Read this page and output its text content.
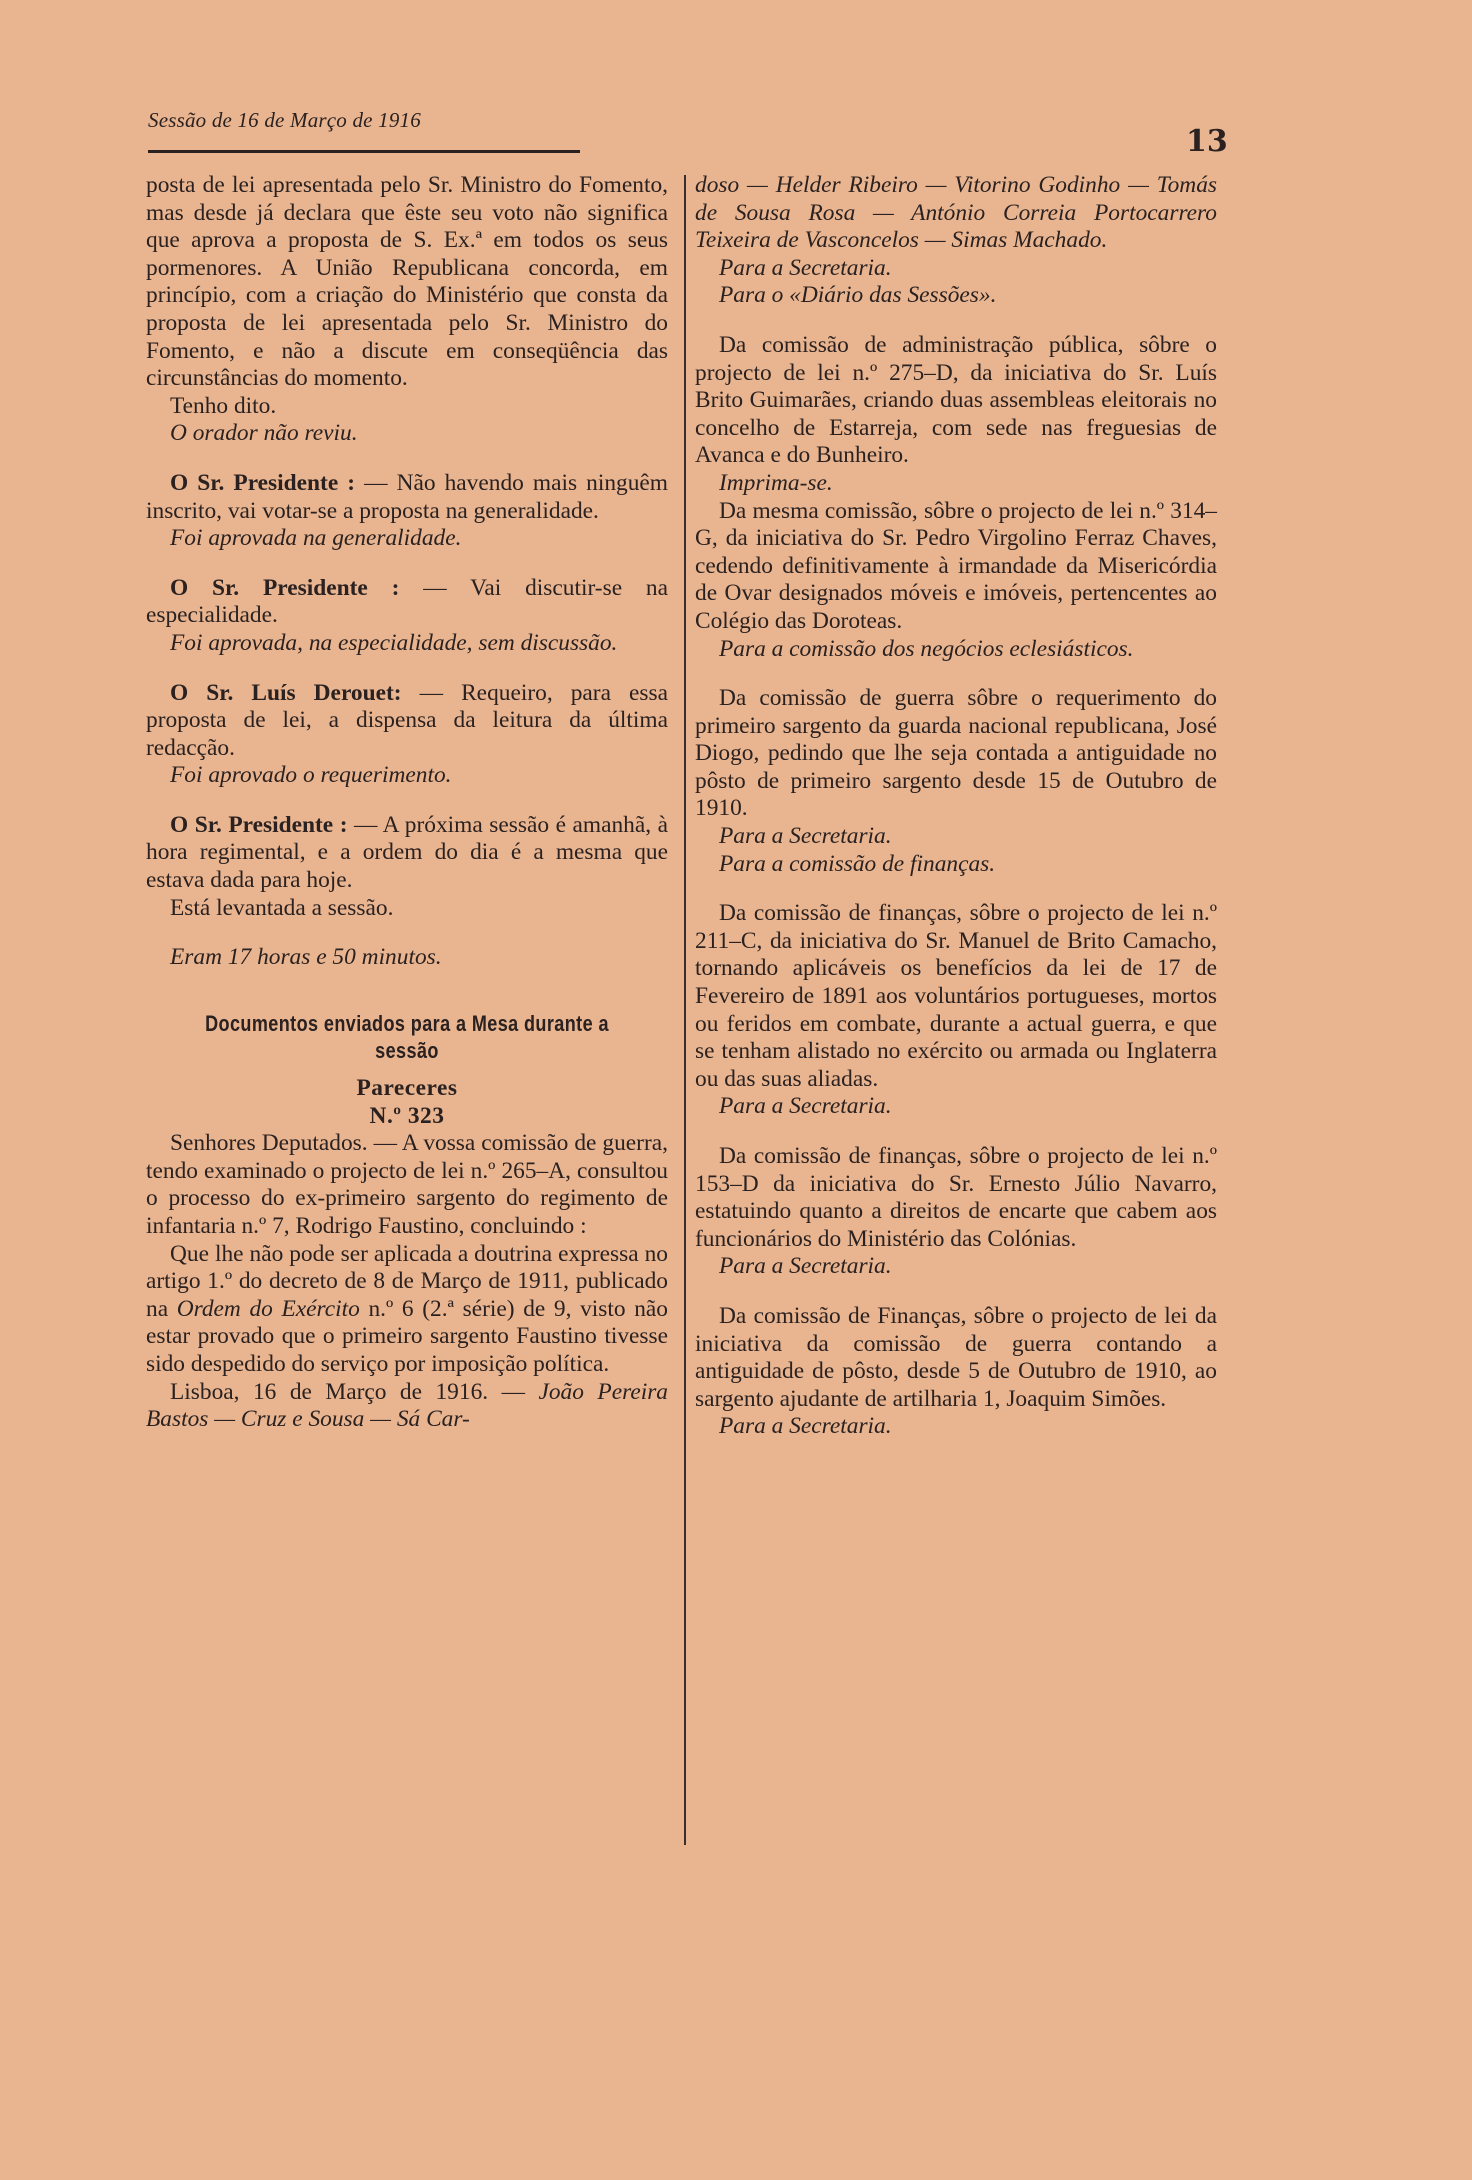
Sessão de 16 de Março de 1916
13

posta de lei apresentada pelo Sr. Ministro do Fomento, mas desde já declara que êste seu voto não significa que aprova a proposta de S. Ex.ª em todos os seus pormenores. A União Republicana concorda, em princípio, com a criação do Ministério que consta da proposta de lei apresentada pelo Sr. Ministro do Fomento, e não a discute em conseqüência das circunstâncias do momento.

Tenho dito.

O orador não reviu.

O Sr. Presidente : — Não havendo mais ninguêm inscrito, vai votar-se a proposta na generalidade.

Foi aprovada na generalidade.

O Sr. Presidente : — Vai discutir-se na especialidade.

Foi aprovada, na especialidade, sem discussão.

O Sr. Luís Derouet: — Requeiro, para essa proposta de lei, a dispensa da leitura da última redacção.

Foi aprovado o requerimento.

O Sr. Presidente : — A próxima sessão é amanhã, à hora regimental, e a ordem do dia é a mesma que estava dada para hoje.

Está levantada a sessão.

Eram 17 horas e 50 minutos.

Documentos enviados para a Mesa durante a sessão

Pareceres

N.º 323

Senhores Deputados. — A vossa comissão de guerra, tendo examinado o projecto de lei n.º 265–A, consultou o processo do ex-primeiro sargento do regimento de infantaria n.º 7, Rodrigo Faustino, concluindo :

Que lhe não pode ser aplicada a doutrina expressa no artigo 1.º do decreto de 8 de Março de 1911, publicado na Ordem do Exército n.º 6 (2.ª série) de 9, visto não estar provado que o primeiro sargento Faustino tivesse sido despedido do serviço por imposição política.

Lisboa, 16 de Março de 1916. — João Pereira Bastos — Cruz e Sousa — Sá Car-

doso — Helder Ribeiro — Vitorino Godinho — Tomás de Sousa Rosa — António Correia Portocarrero Teixeira de Vasconcelos — Simas Machado.

Para a Secretaria.

Para o «Diário das Sessões».

Da comissão de administração pública, sôbre o projecto de lei n.º 275–D, da iniciativa do Sr. Luís Brito Guimarães, criando duas assembleas eleitorais no concelho de Estarreja, com sede nas freguesias de Avanca e do Bunheiro.

Imprima-se.

Da mesma comissão, sôbre o projecto de lei n.º 314–G, da iniciativa do Sr. Pedro Virgolino Ferraz Chaves, cedendo definitivamente à irmandade da Misericórdia de Ovar designados móveis e imóveis, pertencentes ao Colégio das Doroteas.

Para a comissão dos negócios eclesiásticos.

Da comissão de guerra sôbre o requerimento do primeiro sargento da guarda nacional republicana, José Diogo, pedindo que lhe seja contada a antiguidade no pôsto de primeiro sargento desde 15 de Outubro de 1910.

Para a Secretaria.

Para a comissão de finanças.

Da comissão de finanças, sôbre o projecto de lei n.º 211–C, da iniciativa do Sr. Manuel de Brito Camacho, tornando aplicáveis os benefícios da lei de 17 de Fevereiro de 1891 aos voluntários portugueses, mortos ou feridos em combate, durante a actual guerra, e que se tenham alistado no exército ou armada ou Inglaterra ou das suas aliadas.

Para a Secretaria.

Da comissão de finanças, sôbre o projecto de lei n.º 153–D da iniciativa do Sr. Ernesto Júlio Navarro, estatuindo quanto a direitos de encarte que cabem aos funcionários do Ministério das Colónias.

Para a Secretaria.

Da comissão de Finanças, sôbre o projecto de lei da iniciativa da comissão de guerra contando a antiguidade de pôsto, desde 5 de Outubro de 1910, ao sargento ajudante de artilharia 1, Joaquim Simões.

Para a Secretaria.
